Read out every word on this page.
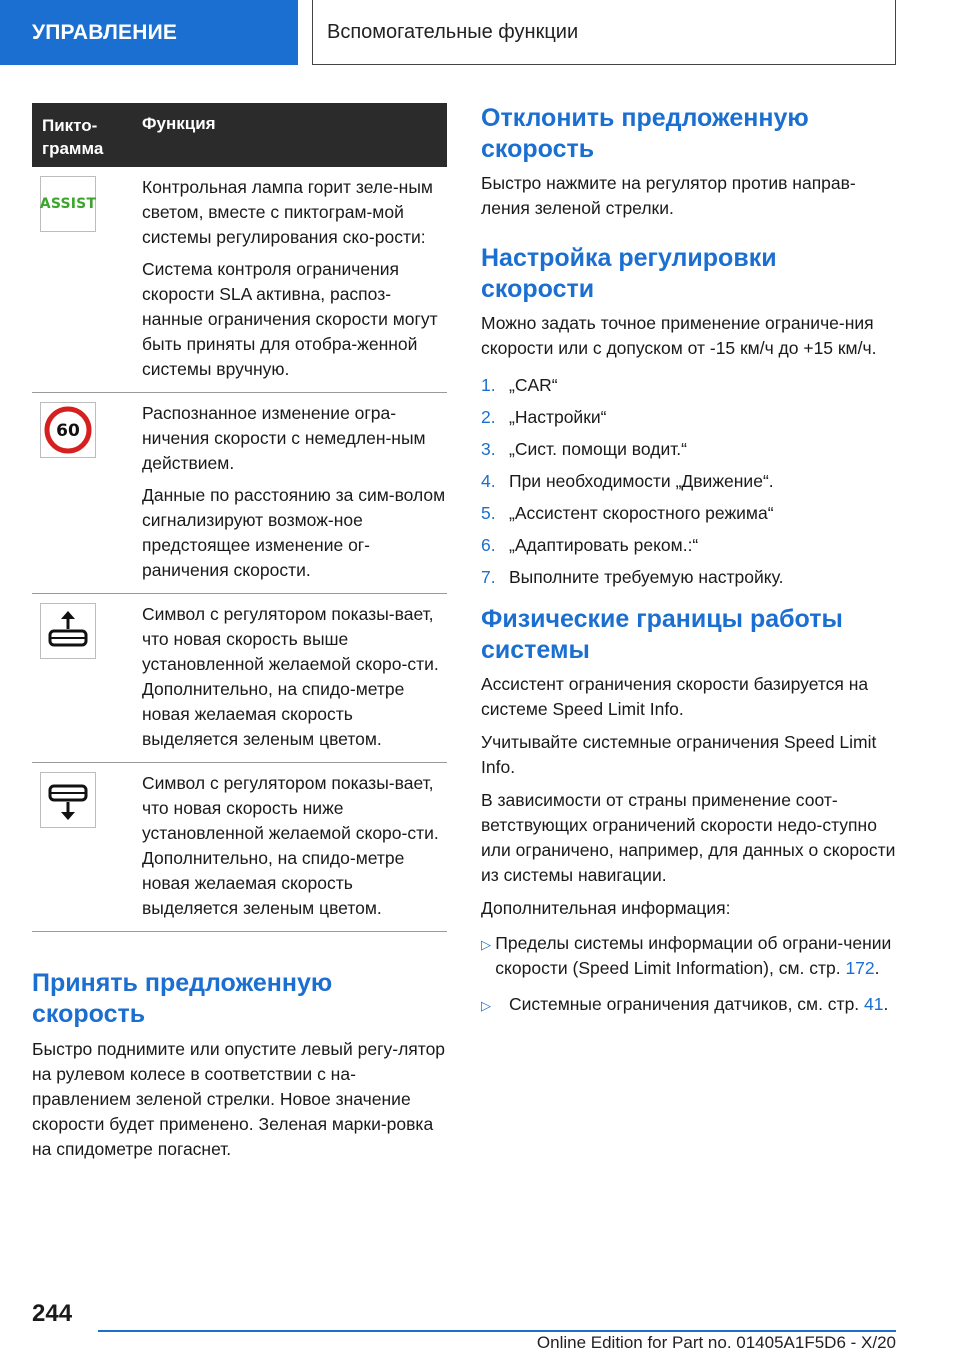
УПРАВЛЕНИЕ	Вспомогательные функции
Пикто-
грамма
Функция
ASSIST

Контрольная лампа горит зеле-ным светом, вместе с пиктограм-мой системы регулирования ско-рости:

Система контроля ограничения скорости SLA активна, распоз-нанные ограничения скорости могут быть приняты для отобра-женной системы вручную.

60

Распознанное изменение огра-ничения скорости с немедлен-ным действием.

Данные по расстоянию за сим-волом сигнализируют возмож-ное предстоящее изменение ог-раничения скорости.

Символ с регулятором показы-вает, что новая скорость выше установленной желаемой скоро-сти. Дополнительно, на спидо-метре новая желаемая скорость выделяется зеленым цветом.

Символ с регулятором показы-вает, что новая скорость ниже установленной желаемой скоро-сти. Дополнительно, на спидо-метре новая желаемая скорость выделяется зеленым цветом.

Принять предложенную скорость

Быстро поднимите или опустите левый регу-лятор на рулевом колесе в соответствии с на-правлением зеленой стрелки. Новое значение скорости будет применено. Зеленая марки-ровка на спидометре погаснет.

Отклонить предложенную скорость

Быстро нажмите на регулятор против направ-ления зеленой стрелки.

Настройка регулировки скорости

Можно задать точное применение ограниче-ния скорости или с допуском от -15 км/ч до +15 км/ч.

1. „CAR“
2. „Настройки“
3. „Сист. помощи водит.“
4. При необходимости „Движение“.
5. „Ассистент скоростного режима“
6. „Адаптировать реком.:“
7. Выполните требуемую настройку.
Физические границы работы системы

Ассистент ограничения скорости базируется на системе Speed Limit Info.

Учитывайте системные ограничения Speed Limit Info.

В зависимости от страны применение соот-ветствующих ограничений скорости недо-ступно или ограничено, например, для данных о скорости из системы навигации.

Дополнительная информация:

▷ Пределы системы информации об ограни-чении скорости (Speed Limit Information), см. стр. 172.
▷	Системные ограничения датчиков, см. стр. 41.
244
Online Edition for Part no. 01405A1F5D6 - X/20
